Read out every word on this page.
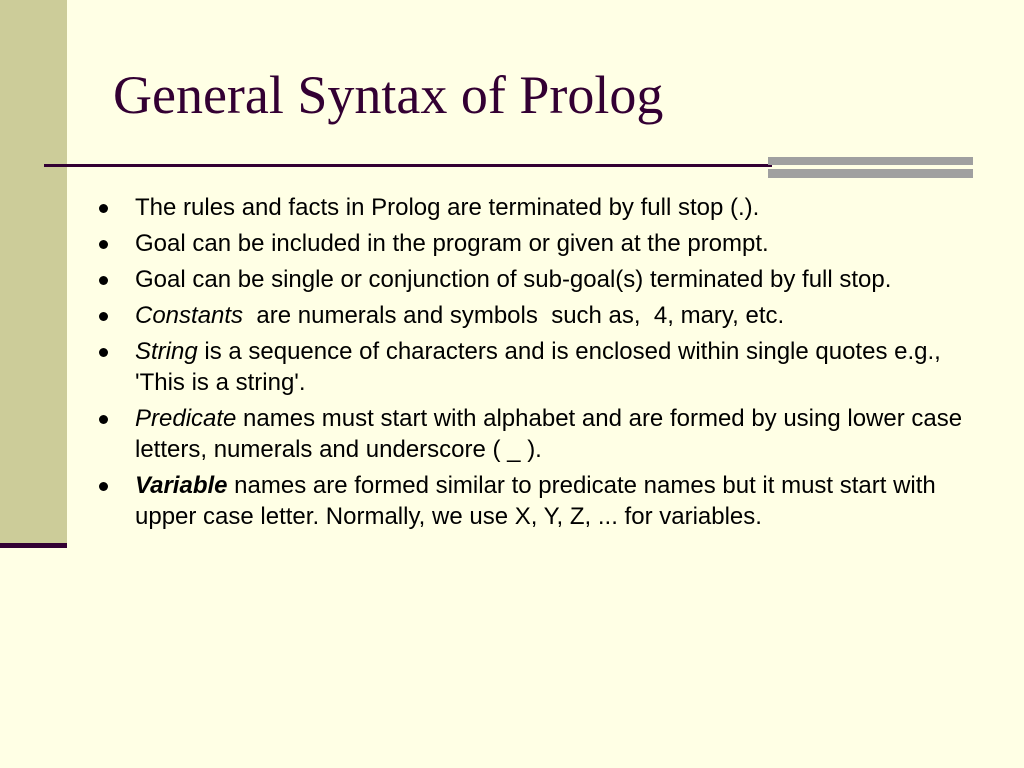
General Syntax of Prolog
The rules and facts in Prolog are terminated by full stop (.).
Goal can be included in the program or given at the prompt.
Goal can be single or conjunction of sub-goal(s) terminated by full stop.
Constants  are numerals and symbols  such as,  4, mary, etc.
String is a sequence of characters and is enclosed within single quotes e.g., 'This is a string'.
Predicate names must start with alphabet and are formed by using lower case letters, numerals and underscore ( _ ).
Variable names are formed similar to predicate names but it must start with upper case letter. Normally, we use X, Y, Z, ... for variables.
